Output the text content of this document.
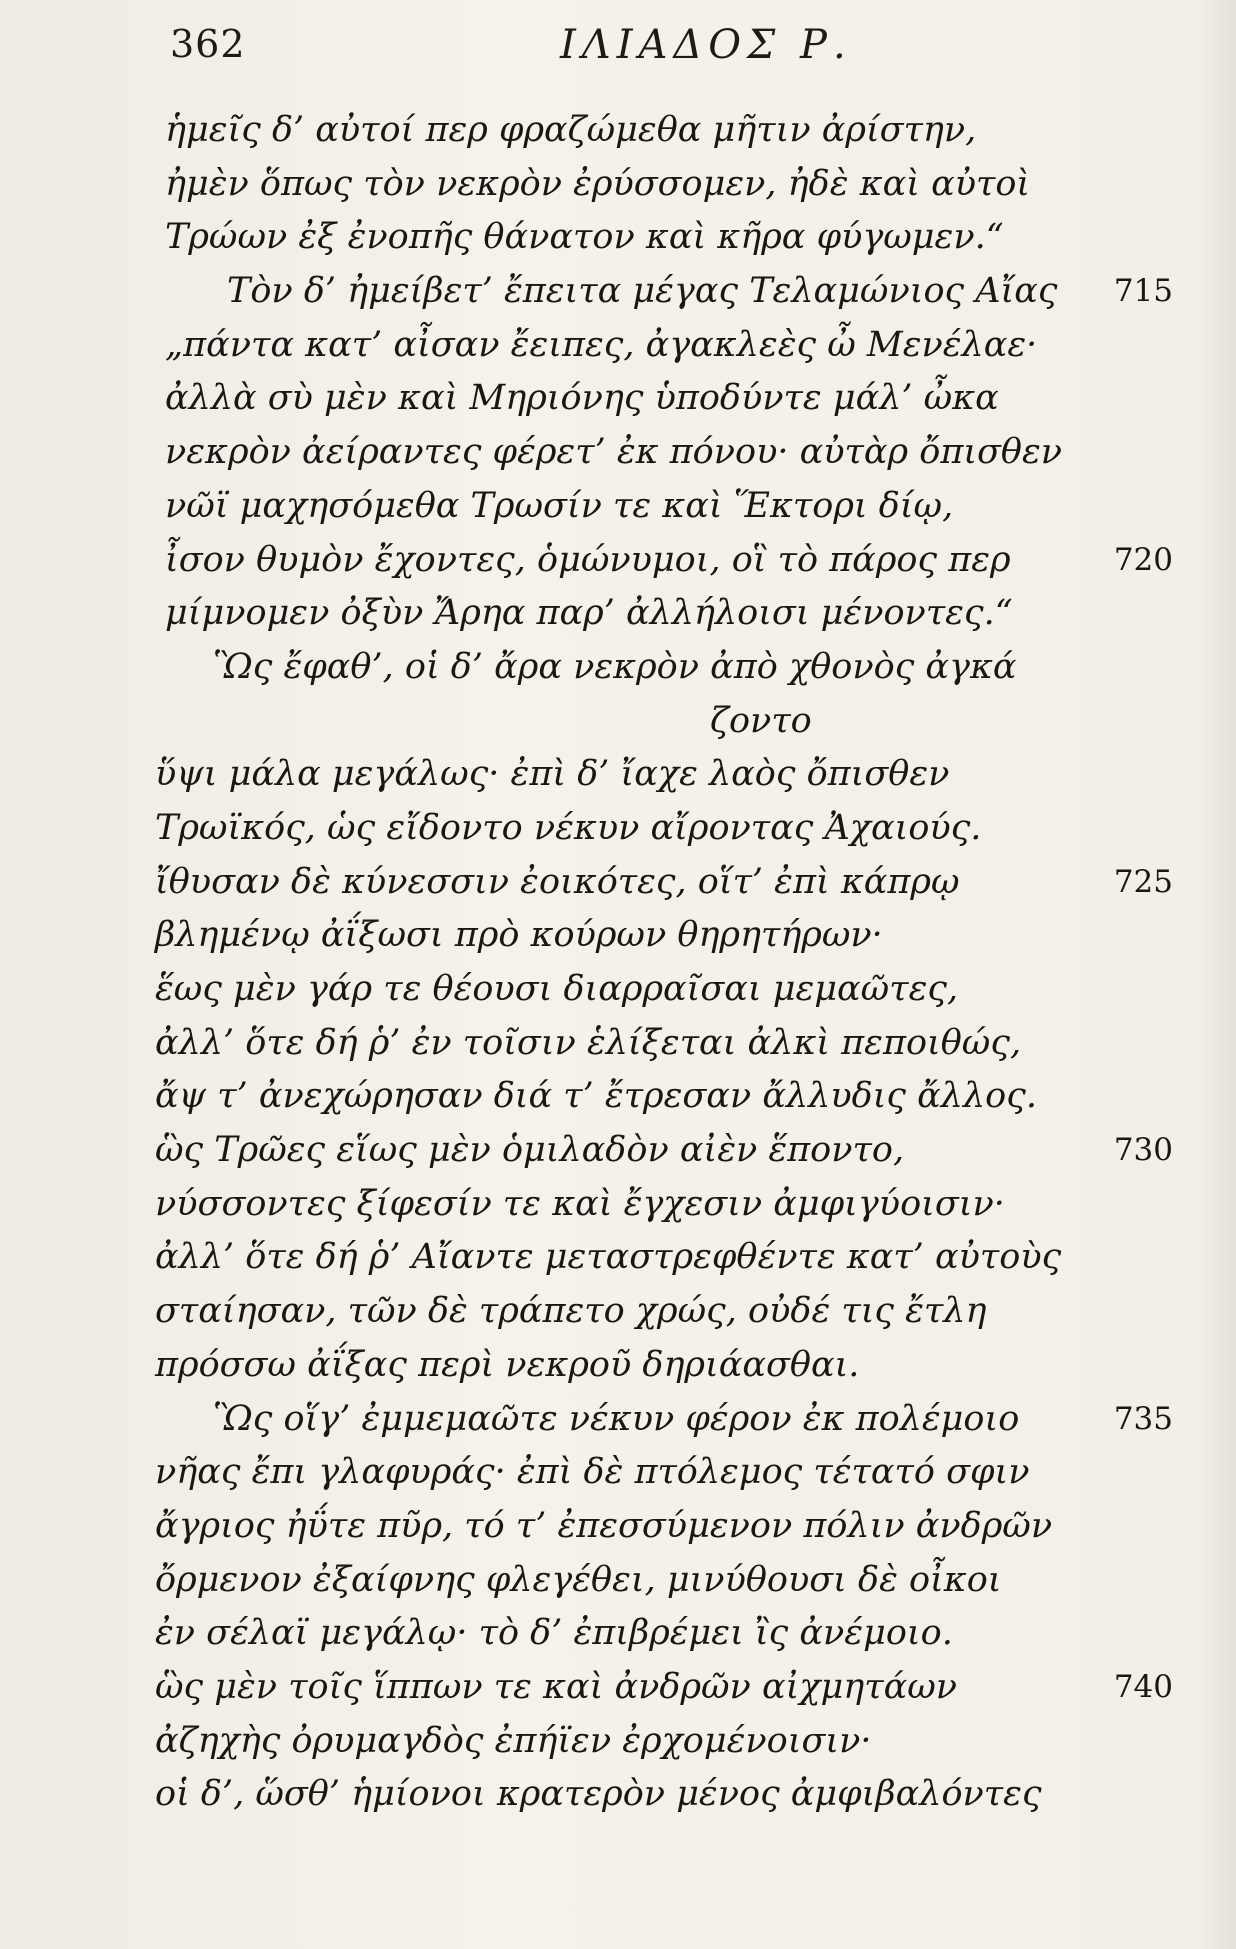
362	ΙΛΙΑΔΟΣ Ρ.
ἡμεῖς δ’ αὐτοί περ φραζώμεθα μῆτιν ἀρίστην,
ἠμὲν ὅπως τὸν νεκρὸν ἐρύσσομεν, ἠδὲ καὶ αὐτοὶ
Τρώων ἐξ ἐνοπῆς θάνατον καὶ κῆρα φύγωμεν.“
Τὸν δ’ ἠμείβετ’ ἔπειτα μέγας Τελαμώνιος Αἴας 715
„πάντα κατ’ αἶσαν ἔειπες, ἀγακλεὲς ὦ Μενέλαε·
ἀλλὰ σὺ μὲν καὶ Μηριόνης ὑποδύντε μάλ’ ὦκα
νεκρὸν ἀείραντες φέρετ’ ἐκ πόνου· αὐτὰρ ὄπισθεν
νῶϊ μαχησόμεθα Τρωσίν τε καὶ Ἕκτορι δίῳ,
ἶσον θυμὸν ἔχοντες, ὁμώνυμοι, οἳ τὸ πάρος περ	720
μίμνομεν ὀξὺν Ἄρηα παρ’ ἀλλήλοισι μένοντες.“
Ὣς ἔφαθ’, οἱ δ’ ἄρα νεκρὸν ἀπὸ χθονὸς ἀγκά
ζοντο
ὕψι μάλα μεγάλως· ἐπὶ δ’ ἴαχε λαὸς ὄπισθεν
Τρωϊκός, ὡς εἴδοντο νέκυν αἴροντας Ἀχαιούς.
ἴθυσαν δὲ κύνεσσιν ἐοικότες, οἵτ’ ἐπὶ κάπρῳ	725
βλημένῳ ἀΐξωσι πρὸ κούρων θηρητήρων·
ἕως μὲν γάρ τε θέουσι διαρραῖσαι μεμαῶτες,
ἀλλ’ ὅτε δή ῥ’ ἐν τοῖσιν ἑλίξεται ἀλκὶ πεποιθώς,
ἄψ τ’ ἀνεχώρησαν διά τ’ ἔτρεσαν ἄλλυδις ἄλλος.
ὣς Τρῶες εἵως μὲν ὁμιλαδὸν αἰὲν ἕποντο,	730
νύσσοντες ξίφεσίν τε καὶ ἔγχεσιν ἀμφιγύοισιν·
ἀλλ’ ὅτε δή ῥ’ Αἴαντε μεταστρεφθέντε κατ’ αὐτοὺς
σταίησαν, τῶν δὲ τράπετο χρώς, οὐδέ τις ἔτλη
πρόσσω ἀΐξας περὶ νεκροῦ δηριάασθαι.
Ὣς οἵγ’ ἐμμεμαῶτε νέκυν φέρον ἐκ πολέμοιο	735
νῆας ἔπι γλαφυράς· ἐπὶ δὲ πτόλεμος τέτατό σφιν
ἄγριος ἠΰτε πῦρ, τό τ’ ἐπεσσύμενον πόλιν ἀνδρῶν
ὄρμενον ἐξαίφνης φλεγέθει, μινύθουσι δὲ οἶκοι
ἐν σέλαϊ μεγάλῳ· τὸ δ’ ἐπιβρέμει ἲς ἀνέμοιο.
ὣς μὲν τοῖς ἵππων τε καὶ ἀνδρῶν αἰχμητάων	740
ἀζηχὴς ὀρυμαγδὸς ἐπήϊεν ἐρχομένοισιν·
οἱ δ’, ὥσθ’ ἡμίονοι κρατερὸν μένος ἀμφιβαλόντες
